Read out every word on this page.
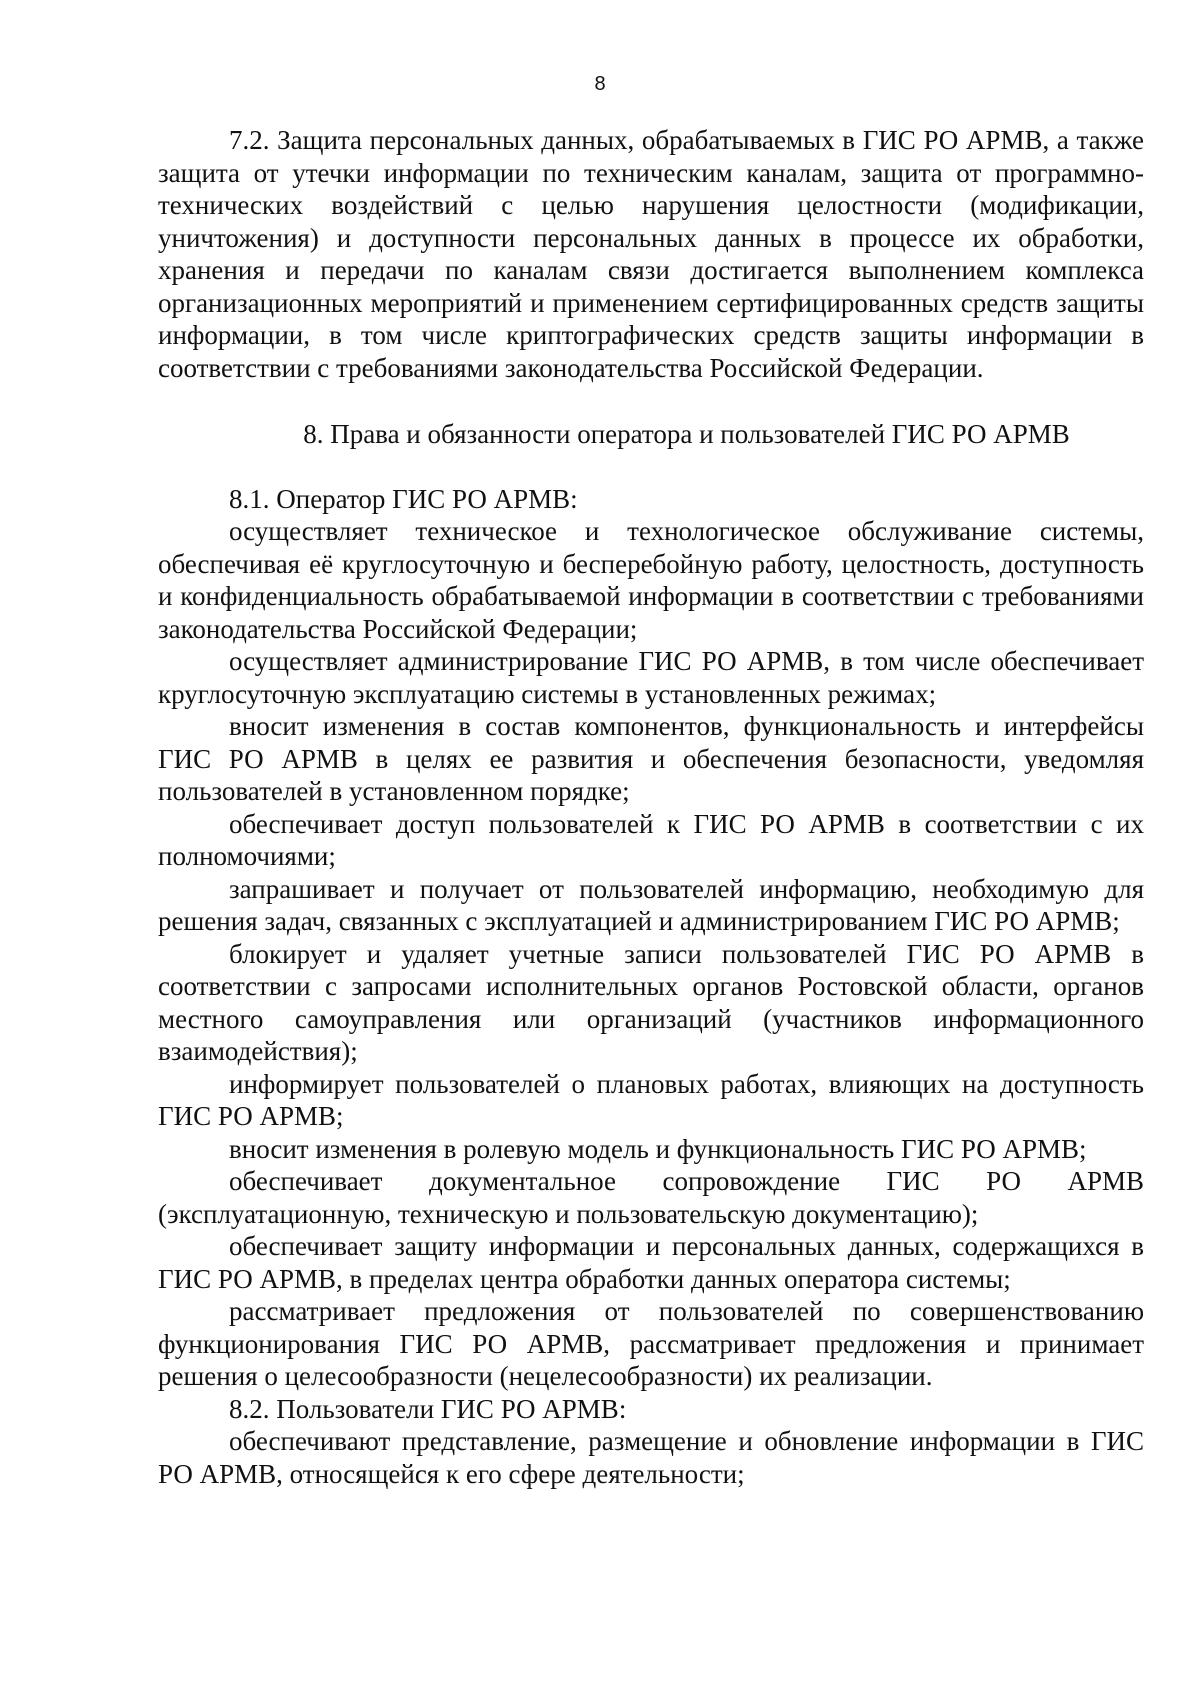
8

7.2. Защита персональных данных, обрабатываемых в ГИС РО АРМВ, а также защита от утечки информации по техническим каналам, защита от программно-технических воздействий с целью нарушения целостности (модификации, уничтожения) и доступности персональных данных в процессе их обработки, хранения и передачи по каналам связи достигается выполнением комплекса организационных мероприятий и применением сертифицированных средств защиты информации, в том числе криптографических средств защиты информации в соответствии с требованиями законодательства Российской Федерации.

8. Права и обязанности оператора и пользователей ГИС РО АРМВ

8.1. Оператор ГИС РО АРМВ:

осуществляет техническое и технологическое обслуживание системы, обеспечивая её круглосуточную и бесперебойную работу, целостность, доступность и конфиденциальность обрабатываемой информации в соответствии с требованиями законодательства Российской Федерации;

осуществляет администрирование ГИС РО АРМВ, в том числе обеспечивает круглосуточную эксплуатацию системы в установленных режимах;

вносит изменения в состав компонентов, функциональность и интерфейсы ГИС РО АРМВ в целях ее развития и обеспечения безопасности, уведомляя пользователей в установленном порядке;

обеспечивает доступ пользователей к ГИС РО АРМВ в соответствии с их полномочиями;

запрашивает и получает от пользователей информацию, необходимую для решения задач, связанных с эксплуатацией и администрированием ГИС РО АРМВ;

блокирует и удаляет учетные записи пользователей ГИС РО АРМВ в соответствии с запросами исполнительных органов Ростовской области, органов местного самоуправления или организаций (участников информационного взаимодействия);

информирует пользователей о плановых работах, влияющих на доступность ГИС РО АРМВ;

вносит изменения в ролевую модель и функциональность ГИС РО АРМВ;

обеспечивает документальное сопровождение ГИС РО АРМВ (эксплуатационную, техническую и пользовательскую документацию);

обеспечивает защиту информации и персональных данных, содержащихся в ГИС РО АРМВ, в пределах центра обработки данных оператора системы;

рассматривает предложения от пользователей по совершенствованию функционирования ГИС РО АРМВ, рассматривает предложения и принимает решения о целесообразности (нецелесообразности) их реализации.

8.2. Пользователи ГИС РО АРМВ:

обеспечивают представление, размещение и обновление информации в ГИС РО АРМВ, относящейся к его сфере деятельности;
